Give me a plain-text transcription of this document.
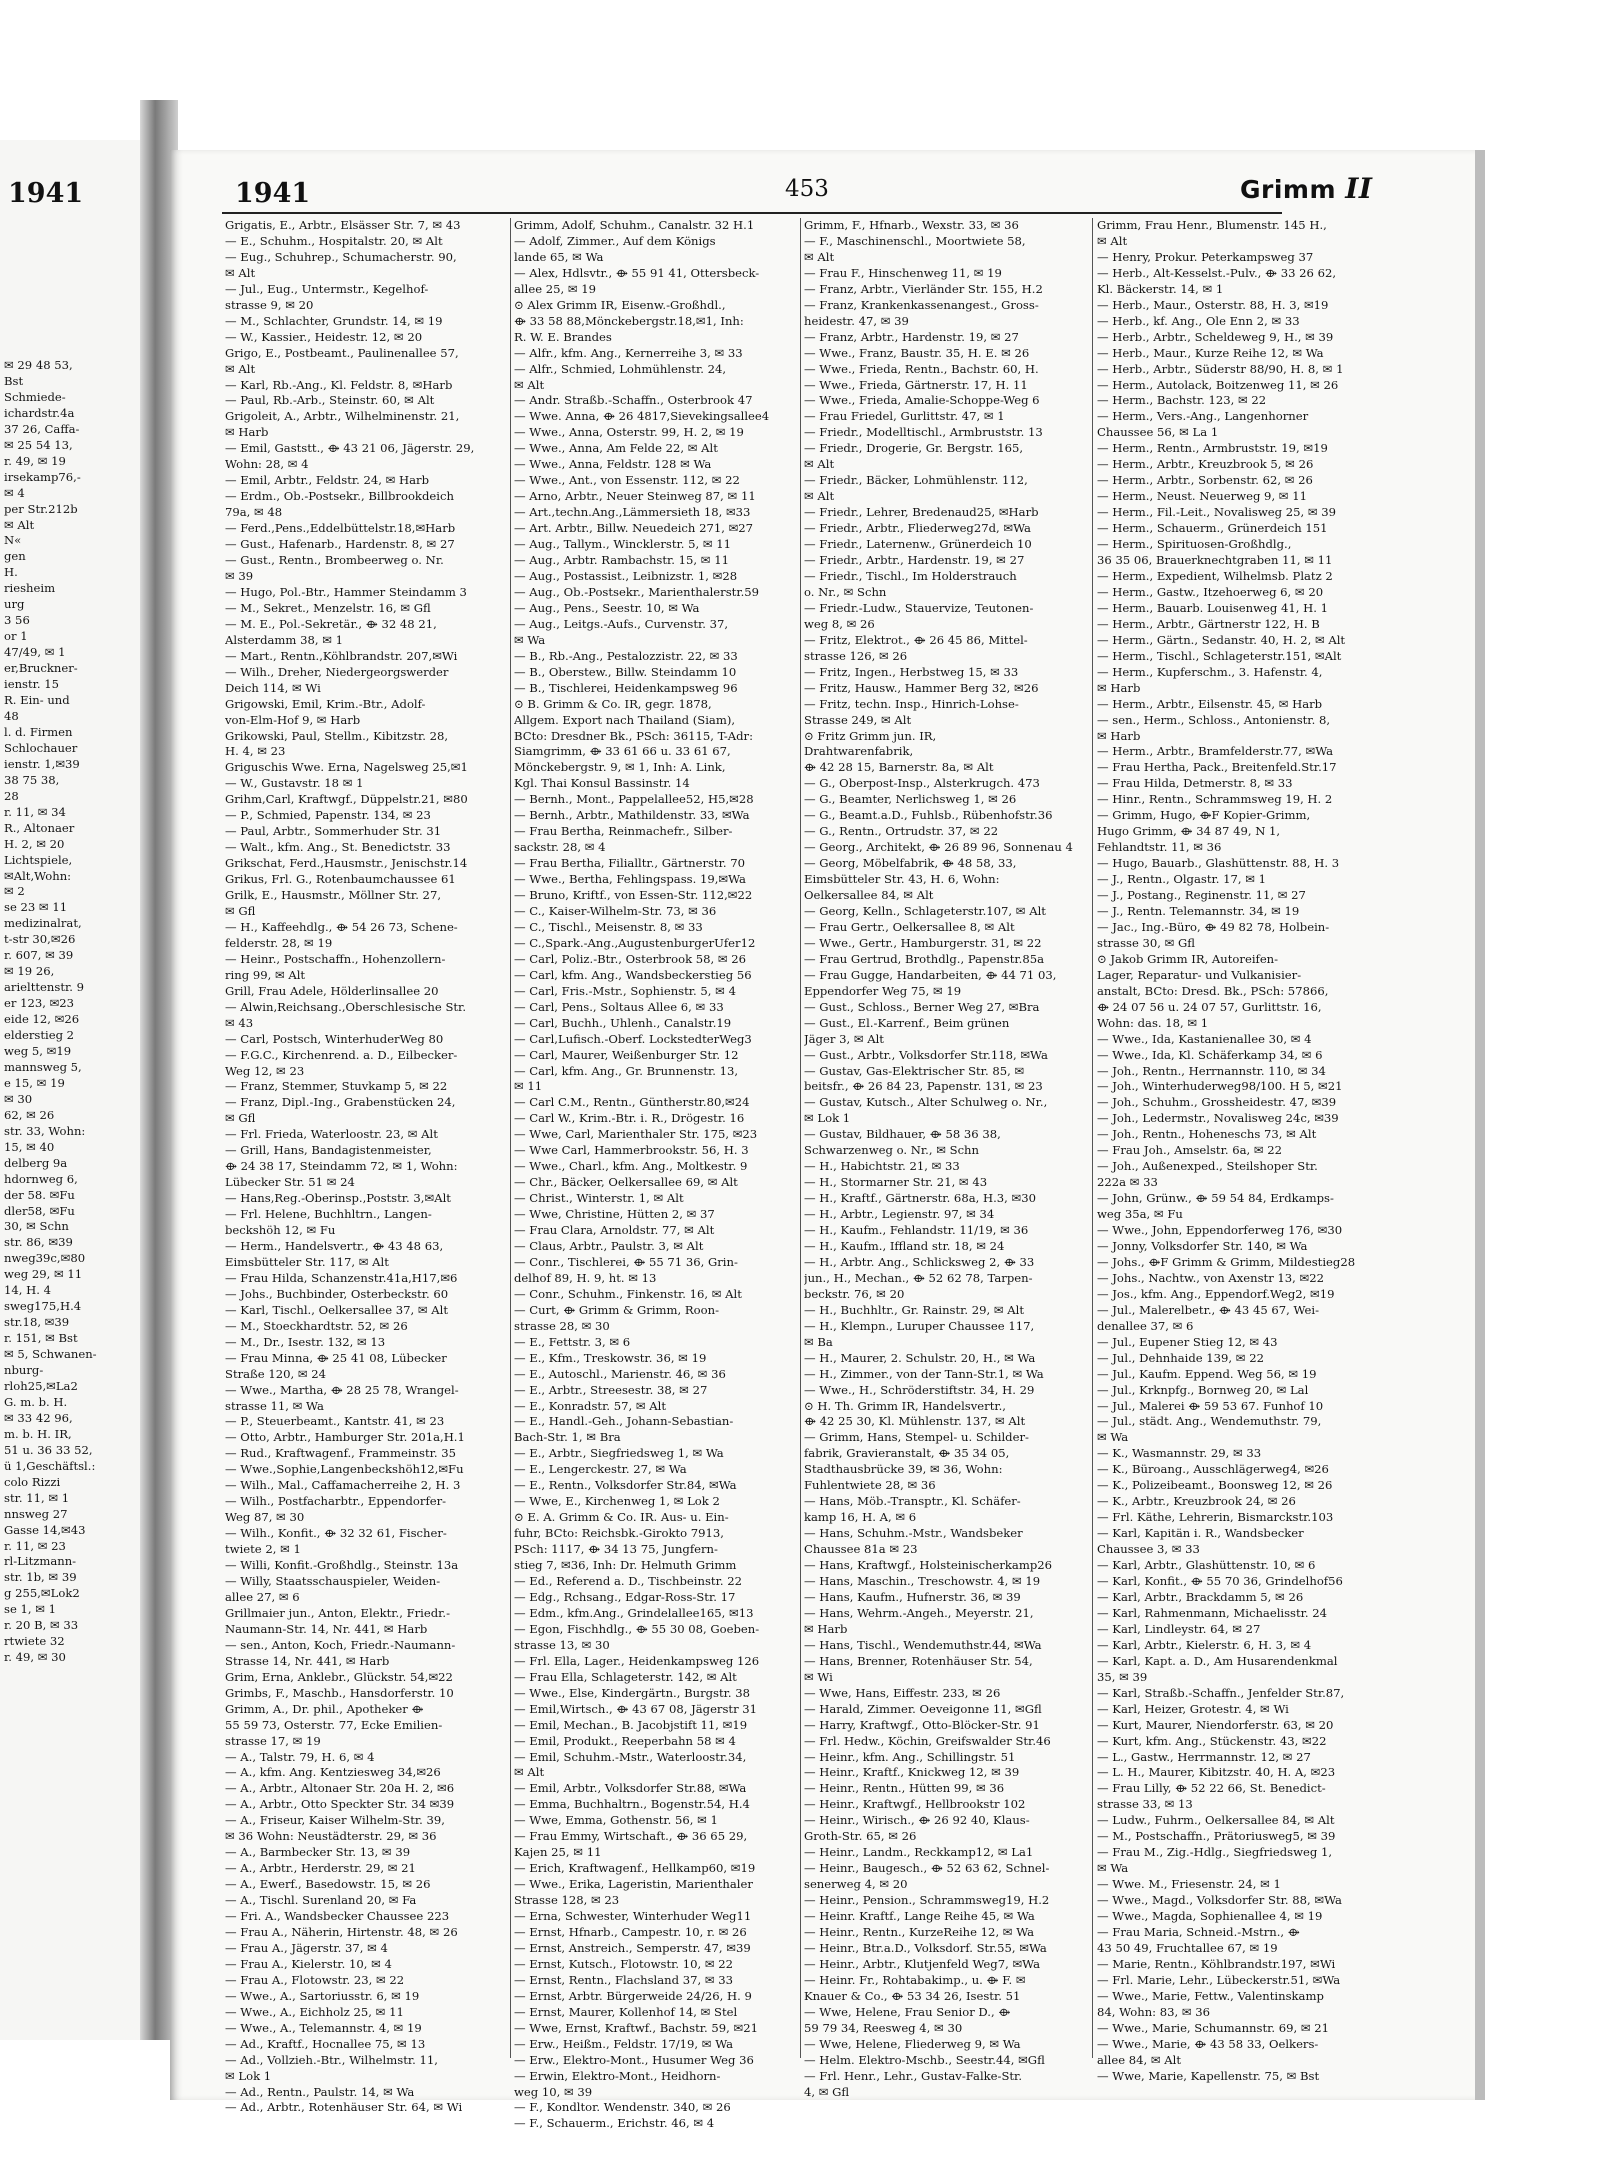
✉ 29 48 53,
Bst
Schmiede-
ichardstr.4a
37 26, Caffa-
✉ 25 54 13,
r. 49, ✉ 19
irsekamp76,-
✉ 4
per Str.212b
✉ Alt
N«
gen
H.
riesheim
urg
3 56
or 1
47/49, ✉ 1
er,Bruckner-
ienstr. 15
R. Ein- und
48
l. d. Firmen
Schlochauer
ienstr. 1,✉39
38 75 38,
28
r. 11, ✉ 34
R., Altonaer
H. 2, ✉ 20
Lichtspiele,
✉Alt,Wohn:
✉ 2
se 23 ✉ 11
medizinalrat,
t-str 30,✉26
r. 607, ✉ 39
✉ 19 26,
arielttenstr. 9
er 123, ✉23
eide 12, ✉26
elderstieg 2
weg 5, ✉19
mannsweg 5,
e 15, ✉ 19
✉ 30
62, ✉ 26
str. 33, Wohn:
15, ✉ 40
delberg 9a
hdornweg 6,
der 58. ✉Fu
dler58, ✉Fu
30, ✉ Schn
str. 86, ✉39
nweg39c,✉80
weg 29, ✉ 11
14, H. 4
sweg175,H.4
str.18, ✉39
r. 151, ✉ Bst
✉ 5, Schwanen-
nburg-
rloh25,✉La2
G. m. b. H.
✉ 33 42 96,
m. b. H. IR,
51 u. 36 33 52,
ü 1,Geschäftsl.:
colo Rizzi
str. 11, ✉ 1
nnsweg 27
Gasse 14,✉43
r. 11, ✉ 23
rl-Litzmann-
str. 1b, ✉ 39
g 255,✉Lok2
se 1, ✉ 1
r. 20 B, ✉ 33
rtwiete 32
r. 49, ✉ 30
1941	1941	453	Grimm II
Grigatis, E., Arbtr., Elsässer Str. 7, ✉ 43
— E., Schuhm., Hospitalstr. 20, ✉ Alt
— Eug., Schuhrep., Schumacherstr. 90,
✉ Alt
— Jul., Eug., Untermstr., Kegelhof-
strasse 9, ✉ 20
— M., Schlachter, Grundstr. 14, ✉ 19
— W., Kassier., Heidestr. 12, ✉ 20
Grigo, E., Postbeamt., Paulinenallee 57,
✉ Alt
— Karl, Rb.-Ang., Kl. Feldstr. 8, ✉Harb
— Paul, Rb.-Arb., Steinstr. 60, ✉ Alt
Grigoleit, A., Arbtr., Wilhelminenstr. 21,
✉ Harb
— Emil, Gaststt., ⟴ 43 21 06, Jägerstr. 29,
Wohn: 28, ✉ 4
— Emil, Arbtr., Feldstr. 24, ✉ Harb
— Erdm., Ob.-Postsekr., Billbrookdeich
79a, ✉ 48
— Ferd.,Pens.,Eddelbüttelstr.18,✉Harb
— Gust., Hafenarb., Hardenstr. 8, ✉ 27
— Gust., Rentn., Brombeerweg o. Nr.
✉ 39
— Hugo, Pol.-Btr., Hammer Steindamm 3
— M., Sekret., Menzelstr. 16, ✉ Gfl
— M. E., Pol.-Sekretär., ⟴ 32 48 21,
Alsterdamm 38, ✉ 1
— Mart., Rentn.,Köhlbrandstr. 207,✉Wi
— Wilh., Dreher, Niedergeorgswerder
Deich 114, ✉ Wi
Grigowski, Emil, Krim.-Btr., Adolf-
von-Elm-Hof 9, ✉ Harb
Grikowski, Paul, Stellm., Kibitzstr. 28,
H. 4, ✉ 23
Griguschis Wwe. Erna, Nagelsweg 25,✉1
— W., Gustavstr. 18 ✉ 1
Grihm,Carl, Kraftwgf., Düppelstr.21, ✉80
— P., Schmied, Papenstr. 134, ✉ 23
— Paul, Arbtr., Sommerhuder Str. 31
— Walt., kfm. Ang., St. Benedictstr. 33
Grikschat, Ferd.,Hausmstr., Jenischstr.14
Grikus, Frl. G., Rotenbaumchaussee 61
Grilk, E., Hausmstr., Möllner Str. 27,
✉ Gfl
— H., Kaffeehdlg., ⟴ 54 26 73, Schene-
felderstr. 28, ✉ 19
— Heinr., Postschaffn., Hohenzollern-
ring 99, ✉ Alt
Grill, Frau Adele, Hölderlinsallee 20
— Alwin,Reichsang.,Oberschlesische Str.
✉ 43
— Carl, Postsch, WinterhuderWeg 80
— F.G.C., Kirchenrend. a. D., Eilbecker-
Weg 12, ✉ 23
— Franz, Stemmer, Stuvkamp 5, ✉ 22
— Franz, Dipl.-Ing., Grabenstücken 24,
✉ Gfl
— Frl. Frieda, Waterloostr. 23, ✉ Alt
— Grill, Hans, Bandagistenmeister,
⟴ 24 38 17, Steindamm 72, ✉ 1, Wohn:
Lübecker Str. 51 ✉ 24
— Hans,Reg.-Oberinsp.,Poststr. 3,✉Alt
— Frl. Helene, Buchhltrn., Langen-
beckshöh 12, ✉ Fu
— Herm., Handelsvertr., ⟴ 43 48 63,
Eimsbütteler Str. 117, ✉ Alt
— Frau Hilda, Schanzenstr.41a,H17,✉6
— Johs., Buchbinder, Osterbeckstr. 60
— Karl, Tischl., Oelkersallee 37, ✉ Alt
— M., Stoeckhardtstr. 52, ✉ 26
— M., Dr., Isestr. 132, ✉ 13
— Frau Minna, ⟴ 25 41 08, Lübecker
Straße 120, ✉ 24
— Wwe., Martha, ⟴ 28 25 78, Wrangel-
strasse 11, ✉ Wa
— P., Steuerbeamt., Kantstr. 41, ✉ 23
— Otto, Arbtr., Hamburger Str. 201a,H.1
— Rud., Kraftwagenf., Frammeinstr. 35
— Wwe.,Sophie,Langenbeckshöh12,✉Fu
— Wilh., Mal., Caffamacherreihe 2, H. 3
— Wilh., Postfacharbtr., Eppendorfer-
Weg 87, ✉ 30
— Wilh., Konfit., ⟴ 32 32 61, Fischer-
twiete 2, ✉ 1
— Willi, Konfit.-Großhdlg., Steinstr. 13a
— Willy, Staatsschauspieler, Weiden-
allee 27, ✉ 6
Grillmaier jun., Anton, Elektr., Friedr.-
Naumann-Str. 14, Nr. 441, ✉ Harb
— sen., Anton, Koch, Friedr.-Naumann-
Strasse 14, Nr. 441, ✉ Harb
Grim, Erna, Anklebr., Glückstr. 54,✉22
Grimbs, F., Maschb., Hansdorferstr. 10
Grimm, A., Dr. phil., Apotheker ⟴
55 59 73, Osterstr. 77, Ecke Emilien-
strasse 17, ✉ 19
— A., Talstr. 79, H. 6, ✉ 4
— A., kfm. Ang. Kentziesweg 34,✉26
— A., Arbtr., Altonaer Str. 20a H. 2, ✉6
— A., Arbtr., Otto Speckter Str. 34 ✉39
— A., Friseur, Kaiser Wilhelm-Str. 39,
✉ 36 Wohn: Neustädterstr. 29, ✉ 36
— A., Barmbecker Str. 13, ✉ 39
— A., Arbtr., Herderstr. 29, ✉ 21
— A., Ewerf., Basedowstr. 15, ✉ 26
— A., Tischl. Surenland 20, ✉ Fa
— Fri. A., Wandsbecker Chaussee 223
— Frau A., Näherin, Hirtenstr. 48, ✉ 26
— Frau A., Jägerstr. 37, ✉ 4
— Frau A., Kielerstr. 10, ✉ 4
— Frau A., Flotowstr. 23, ✉ 22
— Wwe., A., Sartoriusstr. 6, ✉ 19
— Wwe., A., Eichholz 25, ✉ 11
— Wwe., A., Telemannstr. 4, ✉ 19
— Ad., Kraftf., Hocnallee 75, ✉ 13
— Ad., Vollzieh.-Btr., Wilhelmstr. 11,
✉ Lok 1
— Ad., Rentn., Paulstr. 14, ✉ Wa
— Ad., Arbtr., Rotenhäuser Str. 64, ✉ Wi
Grimm, Adolf, Schuhm., Canalstr. 32 H.1
— Adolf, Zimmer., Auf dem Königs
lande 65, ✉ Wa
— Alex, Hdlsvtr., ⟴ 55 91 41, Ottersbeck-
allee 25, ✉ 19
⊙ Alex Grimm IR, Eisenw.-Großhdl.,
⟴ 33 58 88,Mönckebergstr.18,✉1, Inh:
R. W. E. Brandes
— Alfr., kfm. Ang., Kernerreihe 3, ✉ 33
— Alfr., Schmied, Lohmühlenstr. 24,
✉ Alt
— Andr. Straßb.-Schaffn., Osterbrook 47
— Wwe. Anna, ⟴ 26 4817,Sievekingsallee4
— Wwe., Anna, Osterstr. 99, H. 2, ✉ 19
— Wwe., Anna, Am Felde 22, ✉ Alt
— Wwe., Anna, Feldstr. 128 ✉ Wa
— Wwe., Ant., von Essenstr. 112, ✉ 22
— Arno, Arbtr., Neuer Steinweg 87, ✉ 11
— Art.,techn.Ang.,Lämmersieth 18, ✉33
— Art. Arbtr., Billw. Neuedeich 271, ✉27
— Aug., Tallym., Wincklerstr. 5, ✉ 11
— Aug., Arbtr. Rambachstr. 15, ✉ 11
— Aug., Postassist., Leibnizstr. 1, ✉28
— Aug., Ob.-Postsekr., Marienthalerstr.59
— Aug., Pens., Seestr. 10, ✉ Wa
— Aug., Leitgs.-Aufs., Curvenstr. 37,
✉ Wa
— B., Rb.-Ang., Pestalozzistr. 22, ✉ 33
— B., Oberstew., Billw. Steindamm 10
— B., Tischlerei, Heidenkampsweg 96
⊙ B. Grimm & Co. IR, gegr. 1878,
Allgem. Export nach Thailand (Siam),
BCto: Dresdner Bk., PSch: 36115, T-Adr:
Siamgrimm, ⟴ 33 61 66 u. 33 61 67,
Mönckebergstr. 9, ✉ 1, Inh: A. Link,
Kgl. Thai Konsul Bassinstr. 14
— Bernh., Mont., Pappelallee52, H5,✉28
— Bernh., Arbtr., Mathildenstr. 33, ✉Wa
— Frau Bertha, Reinmachefr., Silber-
sackstr. 28, ✉ 4
— Frau Bertha, Filialltr., Gärtnerstr. 70
— Wwe., Bertha, Fehlingspass. 19,✉Wa
— Bruno, Kriftf., von Essen-Str. 112,✉22
— C., Kaiser-Wilhelm-Str. 73, ✉ 36
— C., Tischl., Meisenstr. 8, ✉ 33
— C.,Spark.-Ang.,AugustenburgerUfer12
— Carl, Poliz.-Btr., Osterbrook 58, ✉ 26
— Carl, kfm. Ang., Wandsbeckerstieg 56
— Carl, Fris.-Mstr., Sophienstr. 5, ✉ 4
— Carl, Pens., Soltaus Allee 6, ✉ 33
— Carl, Buchh., Uhlenh., Canalstr.19
— Carl,Lufisch.-Oberf. LockstedterWeg3
— Carl, Maurer, Weißenburger Str. 12
— Carl, kfm. Ang., Gr. Brunnenstr. 13,
✉ 11
— Carl C.M., Rentn., Güntherstr.80,✉24
— Carl W., Krim.-Btr. i. R., Drögestr. 16
— Wwe, Carl, Marienthaler Str. 175, ✉23
— Wwe Carl, Hammerbrookstr. 56, H. 3
— Wwe., Charl., kfm. Ang., Moltkestr. 9
— Chr., Bäcker, Oelkersallee 69, ✉ Alt
— Christ., Winterstr. 1, ✉ Alt
— Wwe, Christine, Hütten 2, ✉ 37
— Frau Clara, Arnoldstr. 77, ✉ Alt
— Claus, Arbtr., Paulstr. 3, ✉ Alt
— Conr., Tischlerei, ⟴ 55 71 36, Grin-
delhof 89, H. 9, ht. ✉ 13
— Conr., Schuhm., Finkenstr. 16, ✉ Alt
— Curt, ⟴ Grimm & Grimm, Roon-
strasse 28, ✉ 30
— E., Fettstr. 3, ✉ 6
— E., Kfm., Treskowstr. 36, ✉ 19
— E., Autoschl., Marienstr. 46, ✉ 36
— E., Arbtr., Streesestr. 38, ✉ 27
— E., Konradstr. 57, ✉ Alt
— E., Handl.-Geh., Johann-Sebastian-
Bach-Str. 1, ✉ Bra
— E., Arbtr., Siegfriedsweg 1, ✉ Wa
— E., Lengerckestr. 27, ✉ Wa
— E., Rentn., Volksdorfer Str.84, ✉Wa
— Wwe, E., Kirchenweg 1, ✉ Lok 2
⊙ E. A. Grimm & Co. IR. Aus- u. Ein-
fuhr, BCto: Reichsbk.-Girokto 7913,
PSch: 1117, ⟴ 34 13 75, Jungfern-
stieg 7, ✉36, Inh: Dr. Helmuth Grimm
— Ed., Referend a. D., Tischbeinstr. 22
— Edg., Rchsang., Edgar-Ross-Str. 17
— Edm., kfm.Ang., Grindelallee165, ✉13
— Egon, Fischhdlg., ⟴ 55 30 08, Goeben-
strasse 13, ✉ 30
— Frl. Ella, Lager., Heidenkampsweg 126
— Frau Ella, Schlageterstr. 142, ✉ Alt
— Wwe., Else, Kindergärtn., Burgstr. 38
— Emil,Wirtsch., ⟴ 43 67 08, Jägerstr 31
— Emil, Mechan., B. Jacobjstift 11, ✉19
— Emil, Produkt., Reeperbahn 58 ✉ 4
— Emil, Schuhm.-Mstr., Waterloostr.34,
✉ Alt
— Emil, Arbtr., Volksdorfer Str.88, ✉Wa
— Emma, Buchhaltrn., Bogenstr.54, H.4
— Wwe, Emma, Gothenstr. 56, ✉ 1
— Frau Emmy, Wirtschaft., ⟴ 36 65 29,
Kajen 25, ✉ 11
— Erich, Kraftwagenf., Hellkamp60, ✉19
— Wwe., Erika, Lageristin, Marienthaler
Strasse 128, ✉ 23
— Erna, Schwester, Winterhuder Weg11
— Ernst, Hfnarb., Campestr. 10, r. ✉ 26
— Ernst, Anstreich., Semperstr. 47, ✉39
— Ernst, Kutsch., Flotowstr. 10, ✉ 22
— Ernst, Rentn., Flachsland 37, ✉ 33
— Ernst, Arbtr. Bürgerweide 24/26, H. 9
— Ernst, Maurer, Kollenhof 14, ✉ Stel
— Wwe, Ernst, Kraftwf., Bachstr. 59, ✉21
— Erw., Heißm., Feldstr. 17/19, ✉ Wa
— Erw., Elektro-Mont., Husumer Weg 36
— Erwin, Elektro-Mont., Heidhorn-
weg 10, ✉ 39
— F., Kondltor. Wendenstr. 340, ✉ 26
— F., Schauerm., Erichstr. 46, ✉ 4
Grimm, F., Hfnarb., Wexstr. 33, ✉ 36
— F., Maschinenschl., Moortwiete 58,
✉ Alt
— Frau F., Hinschenweg 11, ✉ 19
— Franz, Arbtr., Vierländer Str. 155, H.2
— Franz, Krankenkassenangest., Gross-
heidestr. 47, ✉ 39
— Franz, Arbtr., Hardenstr. 19, ✉ 27
— Wwe., Franz, Baustr. 35, H. E. ✉ 26
— Wwe., Frieda, Rentn., Bachstr. 60, H.
— Wwe., Frieda, Gärtnerstr. 17, H. 11
— Wwe., Frieda, Amalie-Schoppe-Weg 6
— Frau Friedel, Gurlittstr. 47, ✉ 1
— Friedr., Modelltischl., Armbruststr. 13
— Friedr., Drogerie, Gr. Bergstr. 165,
✉ Alt
— Friedr., Bäcker, Lohmühlenstr. 112,
✉ Alt
— Friedr., Lehrer, Bredenaud25, ✉Harb
— Friedr., Arbtr., Fliederweg27d, ✉Wa
— Friedr., Laternenw., Grünerdeich 10
— Friedr., Arbtr., Hardenstr. 19, ✉ 27
— Friedr., Tischl., Im Holderstrauch
o. Nr., ✉ Schn
— Friedr.-Ludw., Stauervize, Teutonen-
weg 8, ✉ 26
— Fritz, Elektrot., ⟴ 26 45 86, Mittel-
strasse 126, ✉ 26
— Fritz, Ingen., Herbstweg 15, ✉ 33
— Fritz, Hausw., Hammer Berg 32, ✉26
— Fritz, techn. Insp., Hinrich-Lohse-
Strasse 249, ✉ Alt
⊙ Fritz Grimm jun. IR,
Drahtwarenfabrik,
⟴ 42 28 15, Barnerstr. 8a, ✉ Alt
— G., Oberpost-Insp., Alsterkrugch. 473
— G., Beamter, Nerlichsweg 1, ✉ 26
— G., Beamt.a.D., Fuhlsb., Rübenhofstr.36
— G., Rentn., Ortrudstr. 37, ✉ 22
— Georg., Architekt, ⟴ 26 89 96, Sonnenau 4
— Georg, Möbelfabrik, ⟴ 48 58, 33,
Eimsbütteler Str. 43, H. 6, Wohn:
Oelkersallee 84, ✉ Alt
— Georg, Kelln., Schlageterstr.107, ✉ Alt
— Frau Gertr., Oelkersallee 8, ✉ Alt
— Wwe., Gertr., Hamburgerstr. 31, ✉ 22
— Frau Gertrud, Brothdlg., Papenstr.85a
— Frau Gugge, Handarbeiten, ⟴ 44 71 03,
Eppendorfer Weg 75, ✉ 19
— Gust., Schloss., Berner Weg 27, ✉Bra
— Gust., El.-Karrenf., Beim grünen
Jäger 3, ✉ Alt
— Gust., Arbtr., Volksdorfer Str.118, ✉Wa
— Gustav, Gas-Elektrischer Str. 85, ✉
beitsfr., ⟴ 26 84 23, Papenstr. 131, ✉ 23
— Gustav, Kutsch., Alter Schulweg o. Nr.,
✉ Lok 1
— Gustav, Bildhauer, ⟴ 58 36 38,
Schwarzenweg o. Nr., ✉ Schn
— H., Habichtstr. 21, ✉ 33
— H., Stormarner Str. 21, ✉ 43
— H., Kraftf., Gärtnerstr. 68a, H.3, ✉30
— H., Arbtr., Legienstr. 97, ✉ 34
— H., Kaufm., Fehlandstr. 11/19, ✉ 36
— H., Kaufm., Iffland str. 18, ✉ 24
— H., Arbtr. Ang., Schlicksweg 2, ⟴ 33
jun., H., Mechan., ⟴ 52 62 78, Tarpen-
beckstr. 76, ✉ 20
— H., Buchhltr., Gr. Rainstr. 29, ✉ Alt
— H., Klempn., Luruper Chaussee 117,
✉ Ba
— H., Maurer, 2. Schulstr. 20, H., ✉ Wa
— H., Zimmer., von der Tann-Str.1, ✉ Wa
— Wwe., H., Schröderstiftstr. 34, H. 29
⊙ H. Th. Grimm IR, Handelsvertr.,
⟴ 42 25 30, Kl. Mühlenstr. 137, ✉ Alt
— Grimm, Hans, Stempel- u. Schilder-
fabrik, Gravieranstalt, ⟴ 35 34 05,
Stadthausbrücke 39, ✉ 36, Wohn:
Fuhlentwiete 28, ✉ 36
— Hans, Möb.-Transptr., Kl. Schäfer-
kamp 16, H. A, ✉ 6
— Hans, Schuhm.-Mstr., Wandsbeker
Chaussee 81a ✉ 23
— Hans, Kraftwgf., Holsteinischerkamp26
— Hans, Maschin., Treschowstr. 4, ✉ 19
— Hans, Kaufm., Hufnerstr. 36, ✉ 39
— Hans, Wehrm.-Angeh., Meyerstr. 21,
✉ Harb
— Hans, Tischl., Wendemuthstr.44, ✉Wa
— Hans, Brenner, Rotenhäuser Str. 54,
✉ Wi
— Wwe, Hans, Eiffestr. 233, ✉ 26
— Harald, Zimmer. Oeveigonne 11, ✉Gfl
— Harry, Kraftwgf., Otto-Blöcker-Str. 91
— Frl. Hedw., Köchin, Greifswalder Str.46
— Heinr., kfm. Ang., Schillingstr. 51
— Heinr., Kraftf., Knickweg 12, ✉ 39
— Heinr., Rentn., Hütten 99, ✉ 36
— Heinr., Kraftwgf., Hellbrookstr 102
— Heinr., Wirisch., ⟴ 26 92 40, Klaus-
Groth-Str. 65, ✉ 26
— Heinr., Landm., Reckkamp12, ✉ La1
— Heinr., Baugesch., ⟴ 52 63 62, Schnel-
senerweg 4, ✉ 20
— Heinr., Pension., Schrammsweg19, H.2
— Heinr. Kraftf., Lange Reihe 45, ✉ Wa
— Heinr., Rentn., KurzeReihe 12, ✉ Wa
— Heinr., Btr.a.D., Volksdorf. Str.55, ✉Wa
— Heinr., Arbtr., Klutjenfeld Weg7, ✉Wa
— Heinr. Fr., Rohtabakimp., u. ⟴ F. ✉
Knauer & Co., ⟴ 53 34 26, Isestr. 51
— Wwe, Helene, Frau Senior D., ⟴
59 79 34, Reesweg 4, ✉ 30
— Wwe, Helene, Fliederweg 9, ✉ Wa
— Helm. Elektro-Mschb., Seestr.44, ✉Gfl
— Frl. Henr., Lehr., Gustav-Falke-Str.
4, ✉ Gfl
Grimm, Frau Henr., Blumenstr. 145 H.,
✉ Alt
— Henry, Prokur. Peterkampsweg 37
— Herb., Alt-Kesselst.-Pulv., ⟴ 33 26 62,
Kl. Bäckerstr. 14, ✉ 1
— Herb., Maur., Osterstr. 88, H. 3, ✉19
— Herb., kf. Ang., Ole Enn 2, ✉ 33
— Herb., Arbtr., Scheldeweg 9, H., ✉ 39
— Herb., Maur., Kurze Reihe 12, ✉ Wa
— Herb., Arbtr., Süderstr 88/90, H. 8, ✉ 1
— Herm., Autolack, Boitzenweg 11, ✉ 26
— Herm., Bachstr. 123, ✉ 22
— Herm., Vers.-Ang., Langenhorner
Chaussee 56, ✉ La 1
— Herm., Rentn., Armbruststr. 19, ✉19
— Herm., Arbtr., Kreuzbrook 5, ✉ 26
— Herm., Arbtr., Sorbenstr. 62, ✉ 26
— Herm., Neust. Neuerweg 9, ✉ 11
— Herm., Fil.-Leit., Novalisweg 25, ✉ 39
— Herm., Schauerm., Grünerdeich 151
— Herm., Spirituosen-Großhdlg.,
36 35 06, Brauerknechtgraben 11, ✉ 11
— Herm., Expedient, Wilhelmsb. Platz 2
— Herm., Gastw., Itzehoerweg 6, ✉ 20
— Herm., Bauarb. Louisenweg 41, H. 1
— Herm., Arbtr., Gärtnerstr 122, H. B
— Herm., Gärtn., Sedanstr. 40, H. 2, ✉ Alt
— Herm., Tischl., Schlageterstr.151, ✉Alt
— Herm., Kupferschm., 3. Hafenstr. 4,
✉ Harb
— Herm., Arbtr., Eilsenstr. 45, ✉ Harb
— sen., Herm., Schloss., Antonienstr. 8,
✉ Harb
— Herm., Arbtr., Bramfelderstr.77, ✉Wa
— Frau Hertha, Pack., Breitenfeld.Str.17
— Frau Hilda, Detmerstr. 8, ✉ 33
— Hinr., Rentn., Schrammsweg 19, H. 2
— Grimm, Hugo, ⟴F Kopier-Grimm,
Hugo Grimm, ⟴ 34 87 49, N 1,
Fehlandtstr. 11, ✉ 36
— Hugo, Bauarb., Glashüttenstr. 88, H. 3
— J., Rentn., Olgastr. 17, ✉ 1
— J., Postang., Reginenstr. 11, ✉ 27
— J., Rentn. Telemannstr. 34, ✉ 19
— Jac., Ing.-Büro, ⟴ 49 82 78, Holbein-
strasse 30, ✉ Gfl
⊙ Jakob Grimm IR, Autoreifen-
Lager, Reparatur- und Vulkanisier-
anstalt, BCto: Dresd. Bk., PSch: 57866,
⟴ 24 07 56 u. 24 07 57, Gurlittstr. 16,
Wohn: das. 18, ✉ 1
— Wwe., Ida, Kastanienallee 30, ✉ 4
— Wwe., Ida, Kl. Schäferkamp 34, ✉ 6
— Joh., Rentn., Herrnannstr. 110, ✉ 34
— Joh., Winterhuderweg98/100. H 5, ✉21
— Joh., Schuhm., Grossheidestr. 47, ✉39
— Joh., Ledermstr., Novalisweg 24c, ✉39
— Joh., Rentn., Hoheneschs 73, ✉ Alt
— Frau Joh., Amselstr. 6a, ✉ 22
— Joh., Außenexped., Steilshoper Str.
222a ✉ 33
— John, Grünw., ⟴ 59 54 84, Erdkamps-
weg 35a, ✉ Fu
— Wwe., John, Eppendorferweg 176, ✉30
— Jonny, Volksdorfer Str. 140, ✉ Wa
— Johs., ⟴F Grimm & Grimm, Mildestieg28
— Johs., Nachtw., von Axenstr 13, ✉22
— Jos., kfm. Ang., Eppendorf.Weg2, ✉19
— Jul., Malerelbetr., ⟴ 43 45 67, Wei-
denallee 37, ✉ 6
— Jul., Eupener Stieg 12, ✉ 43
— Jul., Dehnhaide 139, ✉ 22
— Jul., Kaufm. Eppend. Weg 56, ✉ 19
— Jul., Krknpfg., Bornweg 20, ✉ Lal
— Jul., Malerei ⟴ 59 53 67. Funhof 10
— Jul., städt. Ang., Wendemuthstr. 79,
✉ Wa
— K., Wasmannstr. 29, ✉ 33
— K., Büroang., Ausschlägerweg4, ✉26
— K., Polizeibeamt., Boonsweg 12, ✉ 26
— K., Arbtr., Kreuzbrook 24, ✉ 26
— Frl. Käthe, Lehrerin, Bismarckstr.103
— Karl, Kapitän i. R., Wandsbecker
Chaussee 3, ✉ 33
— Karl, Arbtr., Glashüttenstr. 10, ✉ 6
— Karl, Konfit., ⟴ 55 70 36, Grindelhof56
— Karl, Arbtr., Brackdamm 5, ✉ 26
— Karl, Rahmenmann, Michaelisstr. 24
— Karl, Lindleystr. 64, ✉ 27
— Karl, Arbtr., Kielerstr. 6, H. 3, ✉ 4
— Karl, Kapt. a. D., Am Husarendenkmal
35, ✉ 39
— Karl, Straßb.-Schaffn., Jenfelder Str.87,
— Karl, Heizer, Grotestr. 4, ✉ Wi
— Kurt, Maurer, Niendorferstr. 63, ✉ 20
— Kurt, kfm. Ang., Stückenstr. 43, ✉22
— L., Gastw., Herrmannstr. 12, ✉ 27
— L. H., Maurer, Kibitzstr. 40, H. A, ✉23
— Frau Lilly, ⟴ 52 22 66, St. Benedict-
strasse 33, ✉ 13
— Ludw., Fuhrm., Oelkersallee 84, ✉ Alt
— M., Postschaffn., Prätoriusweg5, ✉ 39
— Frau M., Zig.-Hdlg., Siegfriedsweg 1,
✉ Wa
— Wwe. M., Friesenstr. 24, ✉ 1
— Wwe., Magd., Volksdorfer Str. 88, ✉Wa
— Wwe., Magda, Sophienallee 4, ✉ 19
— Frau Maria, Schneid.-Mstrn., ⟴
43 50 49, Fruchtallee 67, ✉ 19
— Marie, Rentn., Köhlbrandstr.197, ✉Wi
— Frl. Marie, Lehr., Lübeckerstr.51, ✉Wa
— Wwe., Marie, Fettw., Valentinskamp
84, Wohn: 83, ✉ 36
— Wwe., Marie, Schumannstr. 69, ✉ 21
— Wwe., Marie, ⟴ 43 58 33, Oelkers-
allee 84, ✉ Alt
— Wwe, Marie, Kapellenstr. 75, ✉ Bst
